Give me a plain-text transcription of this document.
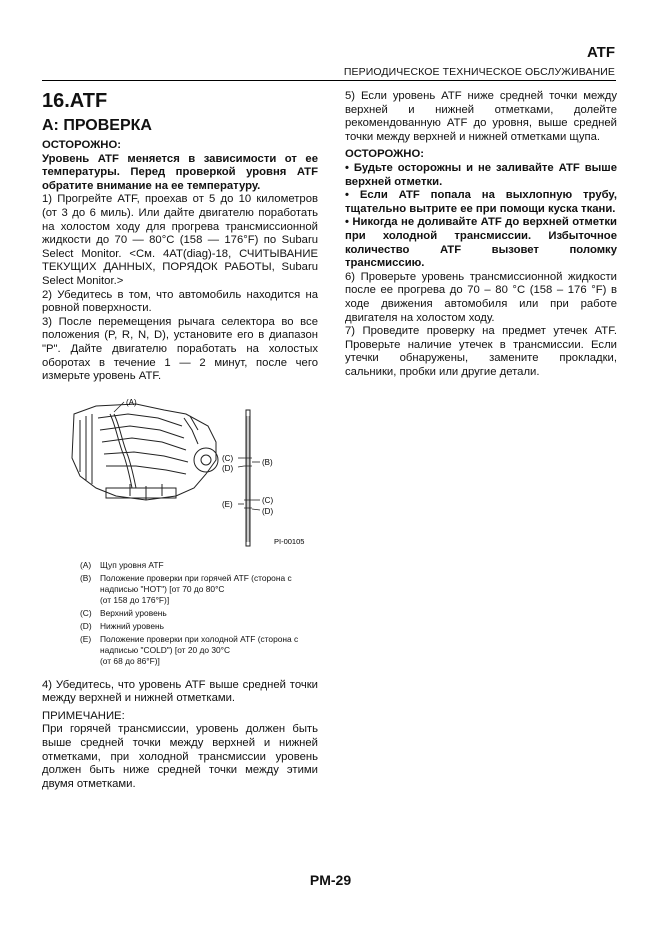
ATF
ПЕРИОДИЧЕСКОЕ ТЕХНИЧЕСКОЕ ОБСЛУЖИВАНИЕ
16.ATF
A: ПРОВЕРКА

ОСТОРОЖНО:

Уровень ATF меняется в зависимости от ее температуры. Перед проверкой уровня ATF обратите внимание на ее температуру.

1) Прогрейте ATF, проехав от 5 до 10 километров (от 3 до 6 миль). Или дайте двигателю поработать на холостом ходу для прогрева трансмиссионной жидкости до 70 — 80°C (158 — 176°F) по Subaru Select Monitor. <См. 4AT(diag)-18, СЧИТЫВАНИЕ ТЕКУЩИХ ДАННЫХ, ПОРЯДОК РАБОТЫ, Subaru Select Monitor.>

2) Убедитесь в том, что автомобиль находится на ровной поверхности.

3) После перемещения рычага селектора во все положения (P, R, N, D), установите его в диапазон "P". Дайте двигателю поработать на холостых оборотах в течение 1 — 2 минут, после чего измерьте уровень ATF.

(A)
(C)
(D)
(B)
(C)
(D)
(E)
PI-00105
(A)	Щуп уровня ATF
(B)	Положение проверки при горячей ATF (сторона с надписью "HOT") [от 70 до 80°C
(от 158 до 176°F)]
(C) Верхний уровень
(D) Нижний уровень
(E)	Положение проверки при холодной ATF (сторона с надписью "COLD") [от 20 до 30°C
(от 68 до 86°F)]

4) Убедитесь, что уровень ATF выше средней точки между верхней и нижней отметками.

ПРИМЕЧАНИЕ:

При горячей трансмиссии, уровень должен быть выше средней точки между верхней и нижней отметками, при холодной трансмиссии уровень должен быть ниже средней точки между этими двумя отметками.

5) Если уровень ATF ниже средней точки между верхней и нижней отметками, долейте рекомендованную ATF до уровня, выше средней точки между верхней и нижней отметками щупа.

ОСТОРОЖНО:

• Будьте осторожны и не заливайте ATF выше верхней отметки.

• Если ATF попала на выхлопную трубу, тщательно вытрите ее при помощи куска ткани.

• Никогда не доливайте ATF до верхней отметки при холодной трансмиссии. Избыточное количество ATF вызовет поломку трансмиссию.

6) Проверьте уровень трансмиссионной жидкости после ее прогрева до 70 – 80 °C (158 – 176 °F) в ходе движения автомобиля или при работе двигателя на холостом ходу.

7) Проведите проверку на предмет утечек ATF. Проверьте наличие утечек в трансмиссии. Если утечки обнаружены, замените прокладки, сальники, пробки или другие детали.

PM-29
